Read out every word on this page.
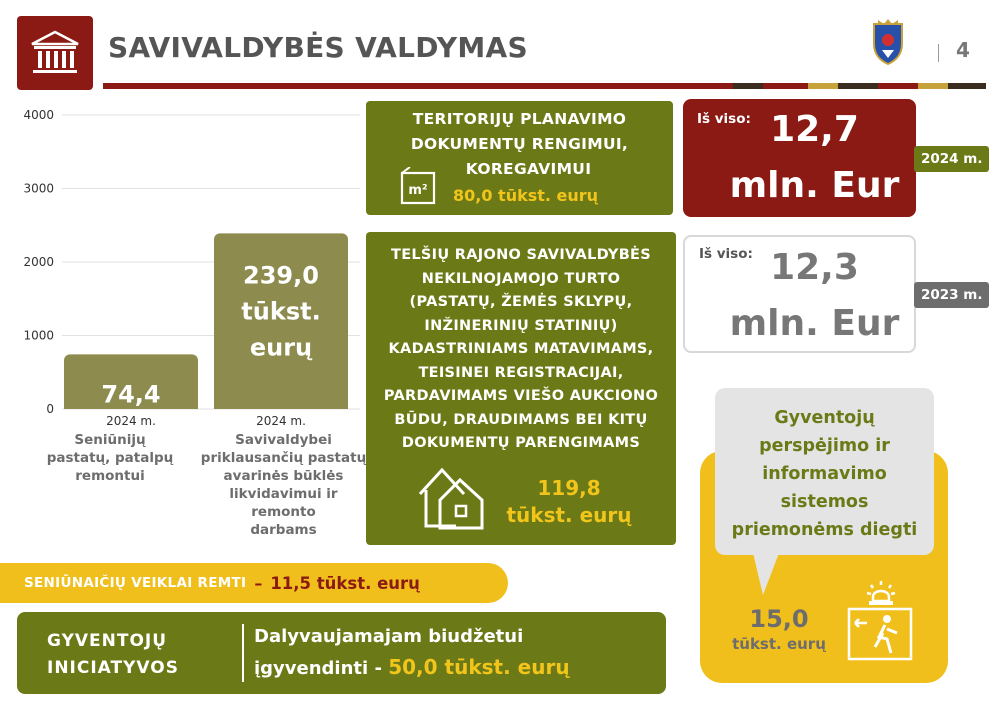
SAVIVALDYBĖS VALDYMAS	4
0
1000
2000
3000
4000
74,4
2024 m.
239,0
tūkst.
eurų
2024 m.
Seniūnijų
pastatų, patalpų
remontui
Savivaldybei
priklausančių pastatų
avarinės būklės
likvidavimui ir remonto
darbams
TERITORIJŲ PLANAVIMO
DOKUMENTŲ RENGIMUI,
KOREGAVIMUI
m² 80,0 tūkst. eurų
TELŠIŲ RAJONO SAVIVALDYBĖS
NEKILNOJAMOJO TURTO
(PASTATŲ, ŽEMĖS SKLYPŲ,
INŽINERINIŲ STATINIŲ)
KADASTRINIAMS MATAVIMAMS,
TEISINEI REGISTRACIJAI,
PARDAVIMAMS VIEŠO AUKCIONO
BŪDU, DRAUDIMAMS BEI KITŲ
DOKUMENTŲ PARENGIMAMS
119,8
tūkst. eurų
Iš viso: 12,7
mln. Eur
2024 m.
Iš viso: 12,3
mln. Eur
2023 m.
Gyventojų
perspėjimo ir
informavimo
sistemos
priemonėms diegti
15,0
tūkst. eurų
SENIŪNAIČIŲ VEIKLAI REMTI – 11,5 tūkst. eurų
GYVENTOJŲ
INICIATYVOS
Dalyvaujamajam biudžetui
įgyvendinti - 50,0 tūkst. eurų
